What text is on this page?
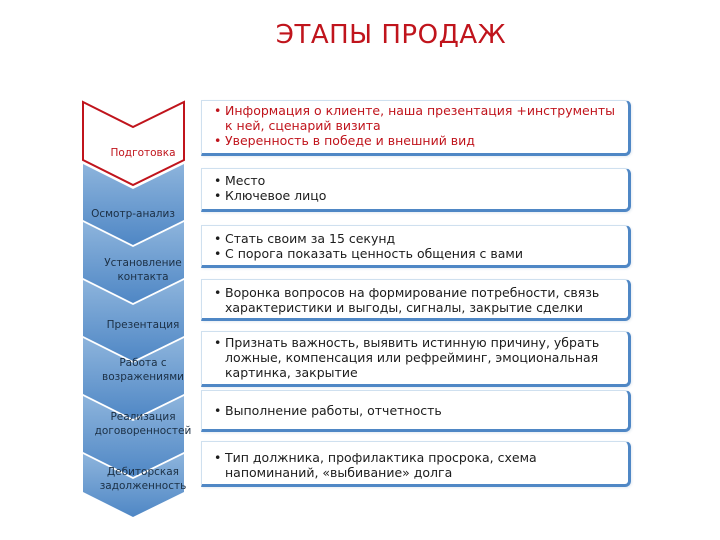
ЭТАПЫ ПРОДАЖ
Подготовка
Осмотр-анализ
Установление контакта
Презентация
Работа с возражениями
Реализация договоренностей
Дебиторская задолженность
• Информация о клиенте, наша презентация +инструменты к ней, сценарий визита
• Уверенность в победе и внешний вид
• Место
• Ключевое лицо
• Стать своим за 15 секунд
• С порога показать ценность общения с вами
• Воронка вопросов на формирование потребности, связь характеристики и выгоды, сигналы, закрытие сделки
• Признать важность, выявить истинную причину, убрать ложные, компенсация или рефрейминг, эмоциональная картинка, закрытие
• Выполнение работы, отчетность
• Тип должника, профилактика просрока, схема напоминаний, «выбивание» долга
